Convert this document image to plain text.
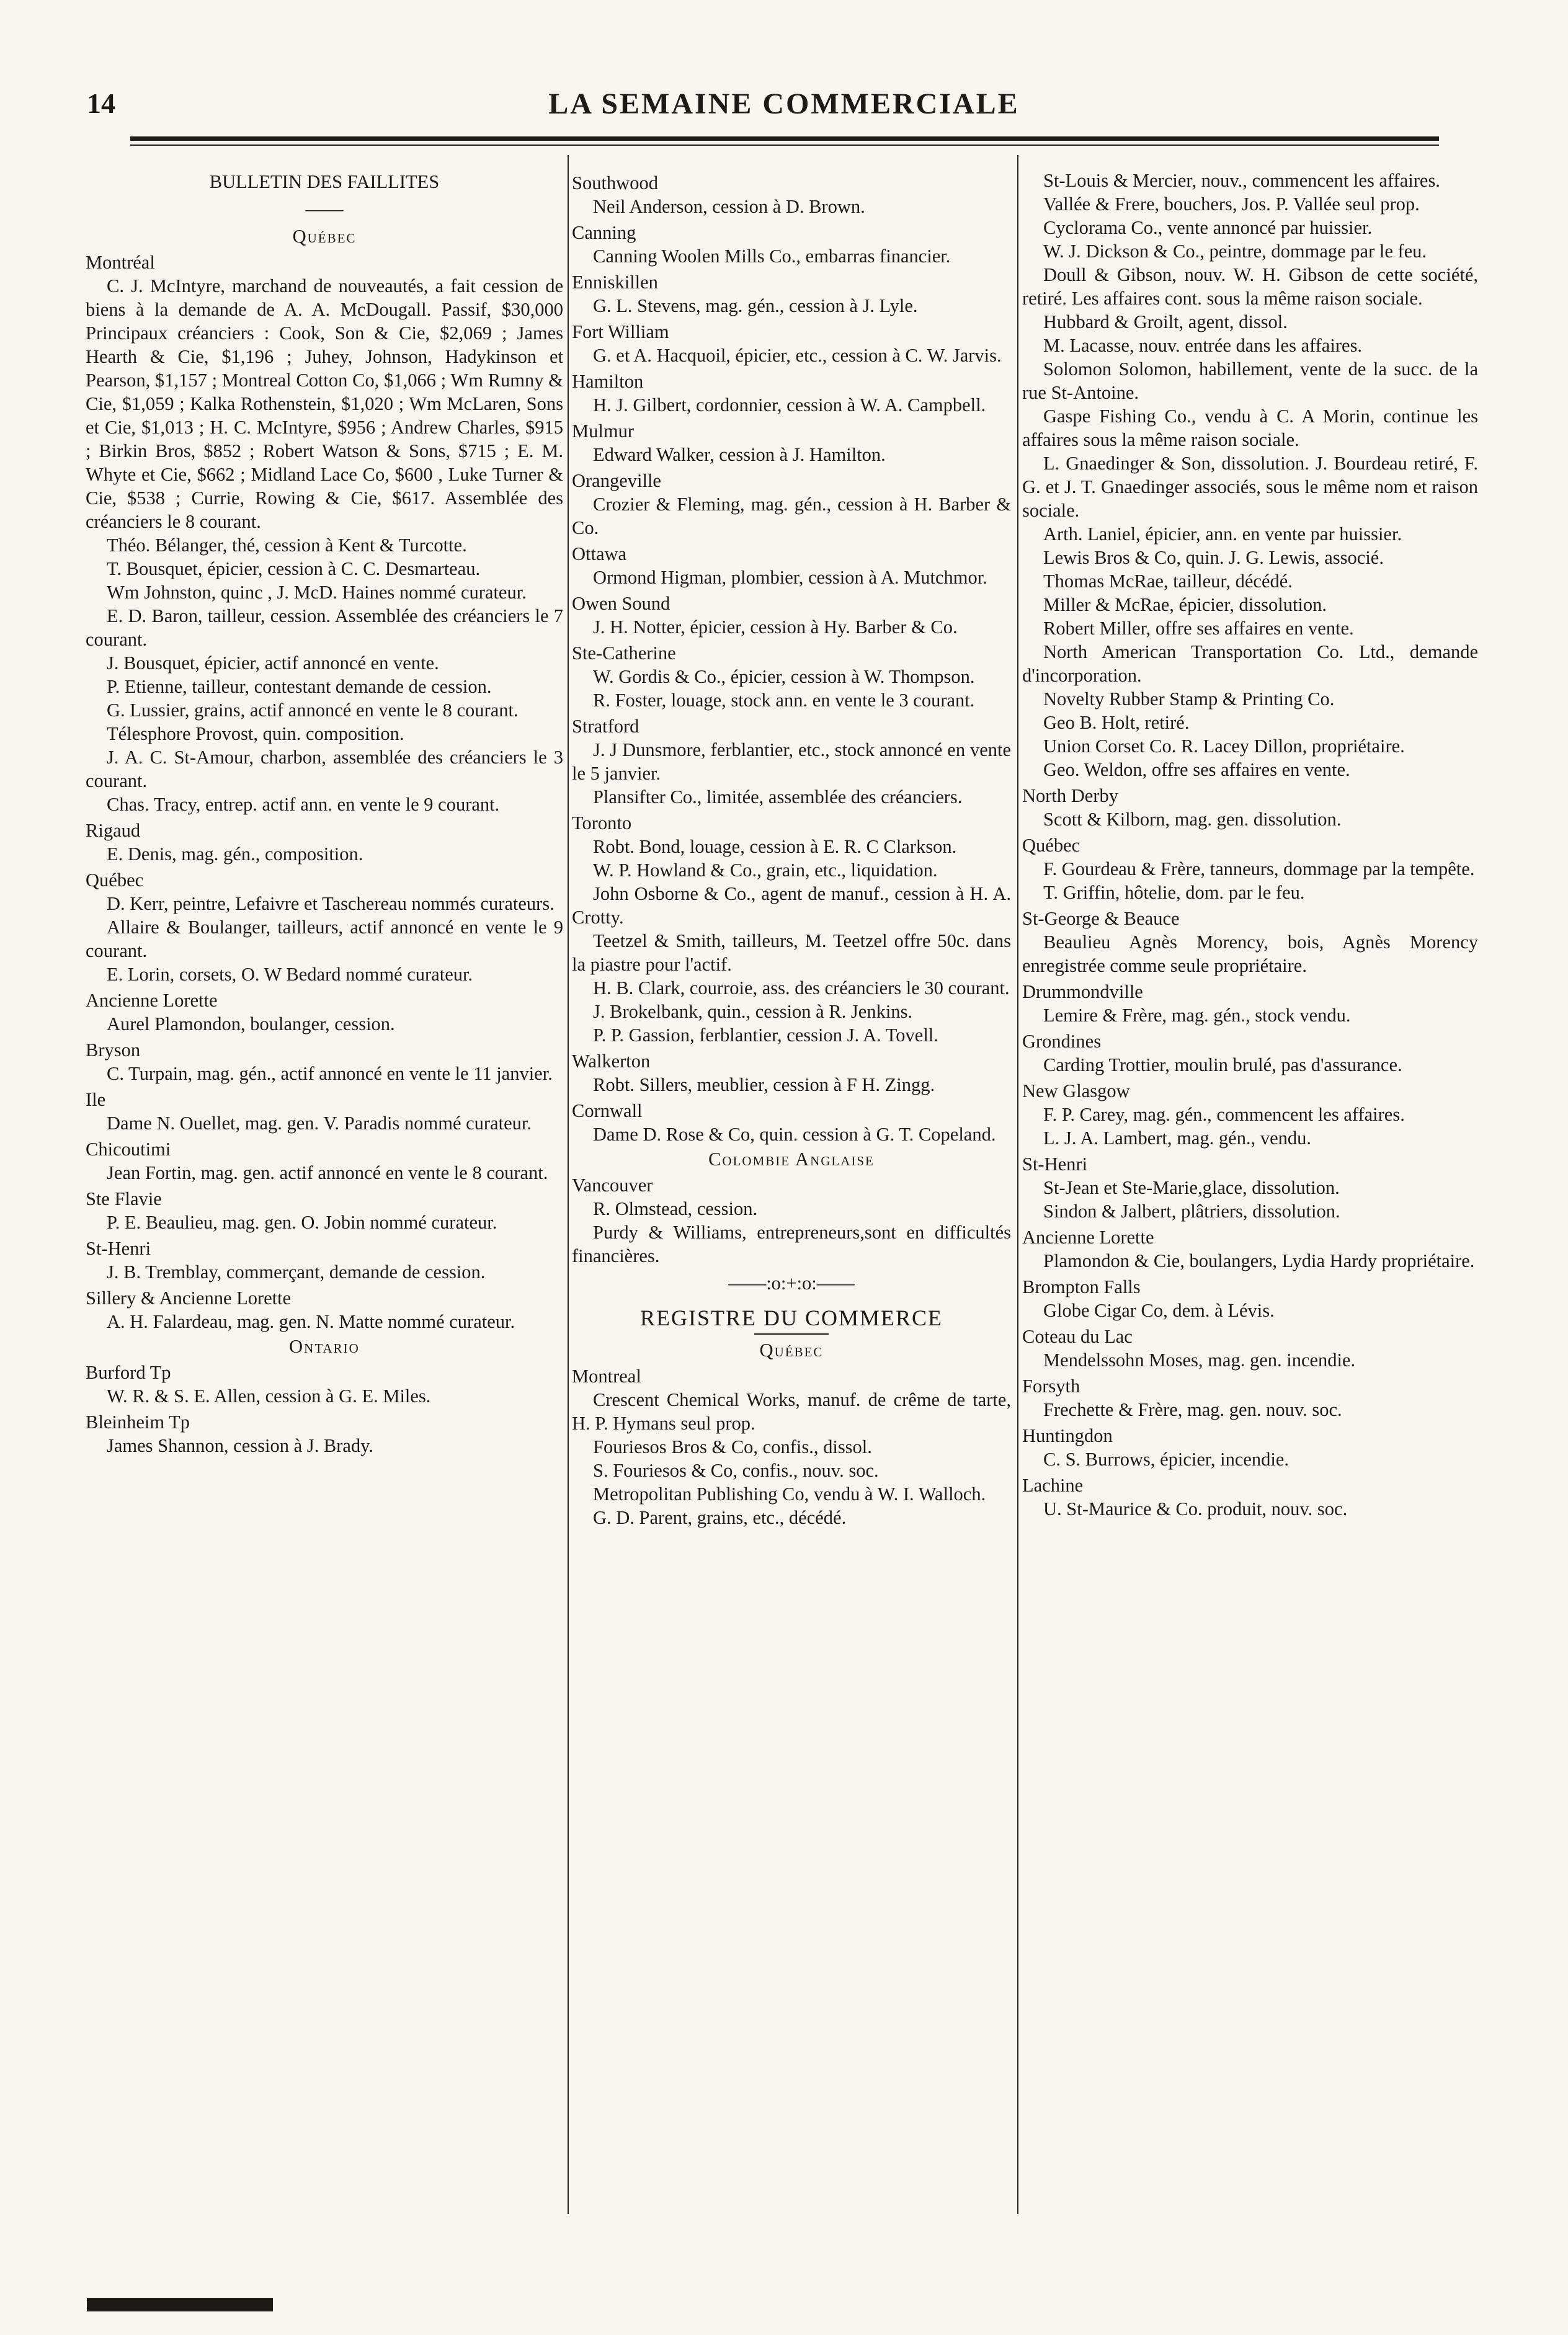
14	LA SEMAINE COMMERCIALE
BULLETIN DES FAILLITES
——
Québec
Montréal
C. J. McIntyre, marchand de nouveautés, a fait cession de biens à la demande de A. A. McDougall. Passif, $30,000 Principaux créanciers : Cook, Son & Cie, $2,069 ; James Hearth & Cie, $1,196 ; Juhey, Johnson, Hadykinson et Pearson, $1,157 ; Montreal Cotton Co, $1,066 ; Wm Rumny & Cie, $1,059 ; Kalka Rothenstein, $1,020 ; Wm McLaren, Sons et Cie, $1,013 ; H. C. McIntyre, $956 ; Andrew Charles, $915 ; Birkin Bros, $852 ; Robert Watson & Sons, $715 ; E. M. Whyte et Cie, $662 ; Midland Lace Co, $600 , Luke Turner & Cie, $538 ; Currie, Rowing & Cie, $617. Assemblée des créanciers le 8 courant.
Théo. Bélanger, thé, cession à Kent & Turcotte.
T. Bousquet, épicier, cession à C. C. Desmarteau.
Wm Johnston, quinc , J. McD. Haines nommé curateur.
E. D. Baron, tailleur, cession. Assemblée des créanciers le 7 courant.
J. Bousquet, épicier, actif annoncé en vente.
P. Etienne, tailleur, contestant demande de cession.
G. Lussier, grains, actif annoncé en vente le 8 courant.
Télesphore Provost, quin. composition.
J. A. C. St-Amour, charbon, assemblée des créanciers le 3 courant.
Chas. Tracy, entrep. actif ann. en vente le 9 courant.
Rigaud
E. Denis, mag. gén., composition.
Québec
D. Kerr, peintre, Lefaivre et Taschereau nommés curateurs.
Allaire & Boulanger, tailleurs, actif annoncé en vente le 9 courant.
E. Lorin, corsets, O. W Bedard nommé curateur.
Ancienne Lorette
Aurel Plamondon, boulanger, cession.
Bryson
C. Turpain, mag. gén., actif annoncé en vente le 11 janvier.
Ile
Dame N. Ouellet, mag. gen. V. Paradis nommé curateur.
Chicoutimi
Jean Fortin, mag. gen. actif annoncé en vente le 8 courant.
Ste Flavie
P. E. Beaulieu, mag. gen. O. Jobin nommé curateur.
St-Henri
J. B. Tremblay, commerçant, demande de cession.
Sillery & Ancienne Lorette
A. H. Falardeau, mag. gen. N. Matte nommé curateur.
Ontario
Burford Tp
W. R. & S. E. Allen, cession à G. E. Miles.
Bleinheim Tp
James Shannon, cession à J. Brady.
Southwood
Neil Anderson, cession à D. Brown.
Canning
Canning Woolen Mills Co., embarras financier.
Enniskillen
G. L. Stevens, mag. gén., cession à J. Lyle.
Fort William
G. et A. Hacquoil, épicier, etc., cession à C. W. Jarvis.
Hamilton
H. J. Gilbert, cordonnier, cession à W. A. Campbell.
Mulmur
Edward Walker, cession à J. Hamilton.
Orangeville
Crozier & Fleming, mag. gén., cession à H. Barber & Co.
Ottawa
Ormond Higman, plombier, cession à A. Mutchmor.
Owen Sound
J. H. Notter, épicier, cession à Hy. Barber & Co.
Ste-Catherine
W. Gordis & Co., épicier, cession à W. Thompson.
R. Foster, louage, stock ann. en vente le 3 courant.
Stratford
J. J Dunsmore, ferblantier, etc., stock annoncé en vente le 5 janvier.
Plansifter Co., limitée, assemblée des créanciers.
Toronto
Robt. Bond, louage, cession à E. R. C Clarkson.
W. P. Howland & Co., grain, etc., liquidation.
John Osborne & Co., agent de manuf., cession à H. A. Crotty.
Teetzel & Smith, tailleurs, M. Teetzel offre 50c. dans la piastre pour l'actif.
H. B. Clark, courroie, ass. des créanciers le 30 courant.
J. Brokelbank, quin., cession à R. Jenkins.
P. P. Gassion, ferblantier, cession J. A. Tovell.
Walkerton
Robt. Sillers, meublier, cession à F H. Zingg.
Cornwall
Dame D. Rose & Co, quin. cession à G. T. Copeland.
Colombie Anglaise
Vancouver
R. Olmstead, cession.
Purdy & Williams, entrepreneurs,sont en difficultés financières.
——:o:+:o:——
REGISTRE DU COMMERCE
Québec
Montreal
Crescent Chemical Works, manuf. de crême de tarte, H. P. Hymans seul prop.
Fouriesos Bros & Co, confis., dissol.
S. Fouriesos & Co, confis., nouv. soc.
Metropolitan Publishing Co, vendu à W. I. Walloch.
G. D. Parent, grains, etc., décédé.
St-Louis & Mercier, nouv., commencent les affaires.
Vallée & Frere, bouchers, Jos. P. Vallée seul prop.
Cyclorama Co., vente annoncé par huissier.
W. J. Dickson & Co., peintre, dommage par le feu.
Doull & Gibson, nouv. W. H. Gibson de cette société, retiré. Les affaires cont. sous la même raison sociale.
Hubbard & Groilt, agent, dissol.
M. Lacasse, nouv. entrée dans les affaires.
Solomon Solomon, habillement, vente de la succ. de la rue St-Antoine.
Gaspe Fishing Co., vendu à C. A Morin, continue les affaires sous la même raison sociale.
L. Gnaedinger & Son, dissolution. J. Bourdeau retiré, F. G. et J. T. Gnaedinger associés, sous le même nom et raison sociale.
Arth. Laniel, épicier, ann. en vente par huissier.
Lewis Bros & Co, quin. J. G. Lewis, associé.
Thomas McRae, tailleur, décédé.
Miller & McRae, épicier, dissolution.
Robert Miller, offre ses affaires en vente.
North American Transportation Co. Ltd., demande d'incorporation.
Novelty Rubber Stamp & Printing Co.
Geo B. Holt, retiré.
Union Corset Co. R. Lacey Dillon, propriétaire.
Geo. Weldon, offre ses affaires en vente.
North Derby
Scott & Kilborn, mag. gen. dissolution.
Québec
F. Gourdeau & Frère, tanneurs, dommage par la tempête.
T. Griffin, hôtelie, dom. par le feu.
St-George & Beauce
Beaulieu Agnès Morency, bois, Agnès Morency enregistrée comme seule propriétaire.
Drummondville
Lemire & Frère, mag. gén., stock vendu.
Grondines
Carding Trottier, moulin brulé, pas d'assurance.
New Glasgow
F. P. Carey, mag. gén., commencent les affaires.
L. J. A. Lambert, mag. gén., vendu.
St-Henri
St-Jean et Ste-Marie,glace, dissolution.
Sindon & Jalbert, plâtriers, dissolution.
Ancienne Lorette
Plamondon & Cie, boulangers, Lydia Hardy propriétaire.
Brompton Falls
Globe Cigar Co, dem. à Lévis.
Coteau du Lac
Mendelssohn Moses, mag. gen. incendie.
Forsyth
Frechette & Frère, mag. gen. nouv. soc.
Huntingdon
C. S. Burrows, épicier, incendie.
Lachine
U. St-Maurice & Co. produit, nouv. soc.
